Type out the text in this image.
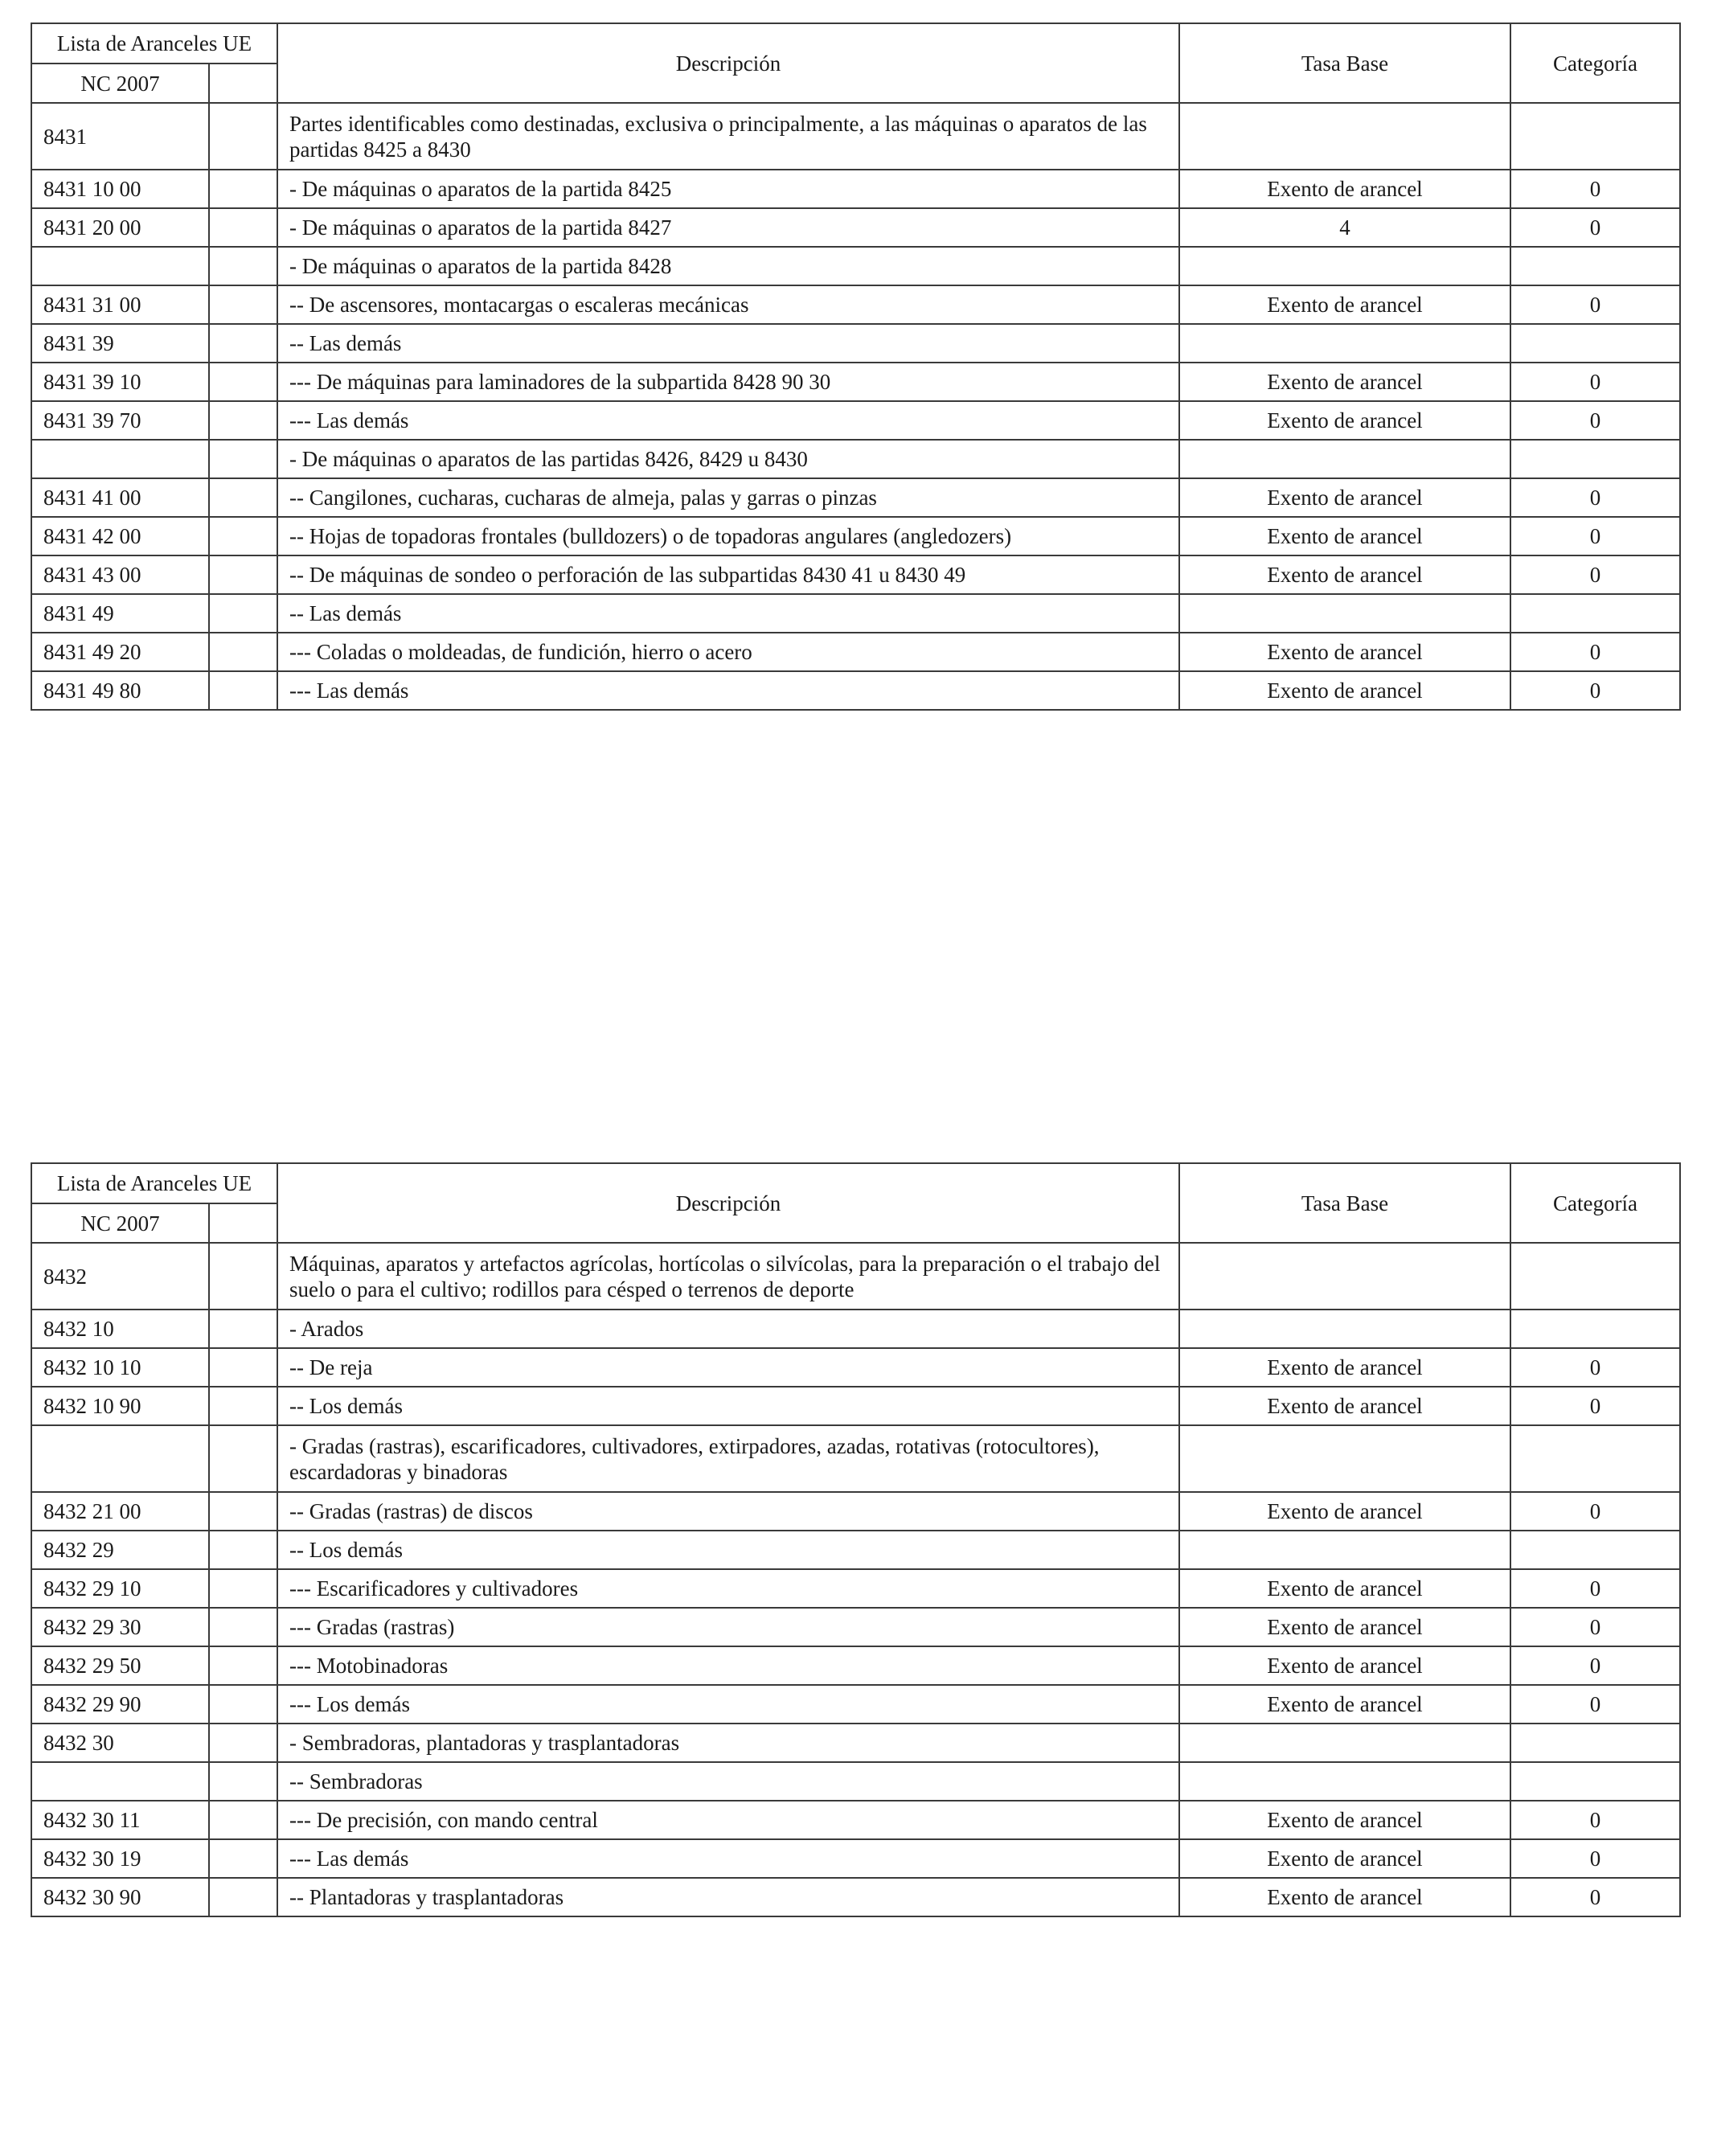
Lista de Aranceles UE		Descripción	Tasa Base	Categoría
NC 2007				
8431		Partes identificables como destinadas, exclusiva o principalmente, a las máquinas o aparatos de las partidas 8425 a 8430		
8431 10 00		- De máquinas o aparatos de la partida 8425	Exento de arancel	0
8431 20 00		- De máquinas o aparatos de la partida 8427	4	0
		- De máquinas o aparatos de la partida 8428		
8431 31 00		-- De ascensores, montacargas o escaleras mecánicas	Exento de arancel	0
8431 39		-- Las demás		
8431 39 10		--- De máquinas para laminadores de la subpartida 8428 90 30	Exento de arancel	0
8431 39 70		--- Las demás	Exento de arancel	0
		- De máquinas o aparatos de las partidas 8426, 8429 u 8430		
8431 41 00		-- Cangilones, cucharas, cucharas de almeja, palas y garras o pinzas	Exento de arancel	0
8431 42 00		-- Hojas de topadoras frontales (bulldozers) o de topadoras angulares (angledozers)	Exento de arancel	0
8431 43 00		-- De máquinas de sondeo o perforación de las subpartidas 8430 41 u 8430 49	Exento de arancel	0
8431 49		-- Las demás		
8431 49 20		--- Coladas o moldeadas, de fundición, hierro o acero	Exento de arancel	0
8431 49 80		--- Las demás	Exento de arancel	0
Lista de Aranceles UE		Descripción	Tasa Base	Categoría
NC 2007				
8432		Máquinas, aparatos y artefactos agrícolas, hortícolas o silvícolas, para la preparación o el trabajo del suelo o para el cultivo; rodillos para césped o terrenos de deporte		
8432 10		- Arados		
8432 10 10		-- De reja	Exento de arancel	0
8432 10 90		-- Los demás	Exento de arancel	0
		- Gradas (rastras), escarificadores, cultivadores, extirpadores, azadas, rotativas (rotocultores), escardadoras y binadoras		
8432 21 00		-- Gradas (rastras) de discos	Exento de arancel	0
8432 29		-- Los demás		
8432 29 10		--- Escarificadores y cultivadores	Exento de arancel	0
8432 29 30		--- Gradas (rastras)	Exento de arancel	0
8432 29 50		--- Motobinadoras	Exento de arancel	0
8432 29 90		--- Los demás	Exento de arancel	0
8432 30		- Sembradoras, plantadoras y trasplantadoras		
		-- Sembradoras		
8432 30 11		--- De precisión, con mando central	Exento de arancel	0
8432 30 19		--- Las demás	Exento de arancel	0
8432 30 90		-- Plantadoras y trasplantadoras	Exento de arancel	0
